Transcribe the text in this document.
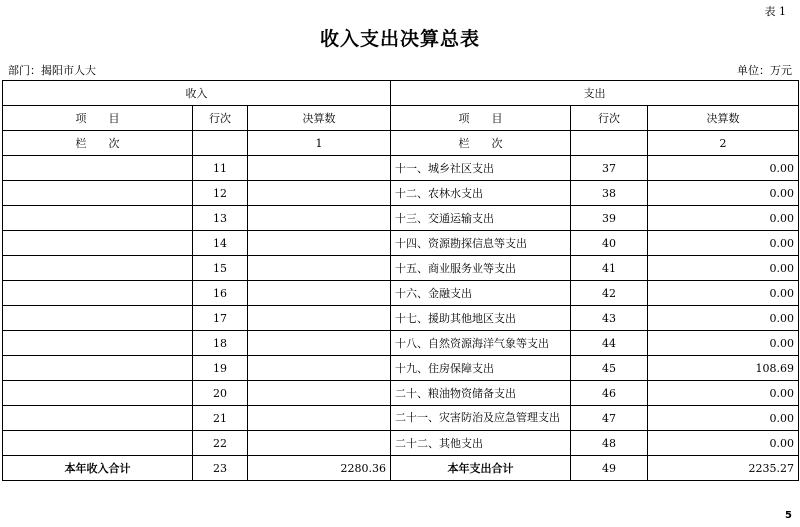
表 1
收入支出决算总表
部门：揭阳市人大	单位：万元
收入			支出		
项　　目	行次	决算数	项　　目	行次	决算数
栏　　次		1	栏　　次		2
	11		十一、城乡社区支出	37	0.00
	12		十二、农林水支出	38	0.00
	13		十三、交通运输支出	39	0.00
	14		十四、资源勘探信息等支出	40	0.00
	15		十五、商业服务业等支出	41	0.00
	16		十六、金融支出	42	0.00
	17		十七、援助其他地区支出	43	0.00
	18		十八、自然资源海洋气象等支出	44	0.00
	19		十九、住房保障支出	45	108.69
	20		二十、粮油物资储备支出	46	0.00
	21		二十一、灾害防治及应急管理支出	47	0.00
	22		二十二、其他支出	48	0.00
本年收入合计	23	2280.36	本年支出合计	49	2235.27
5
